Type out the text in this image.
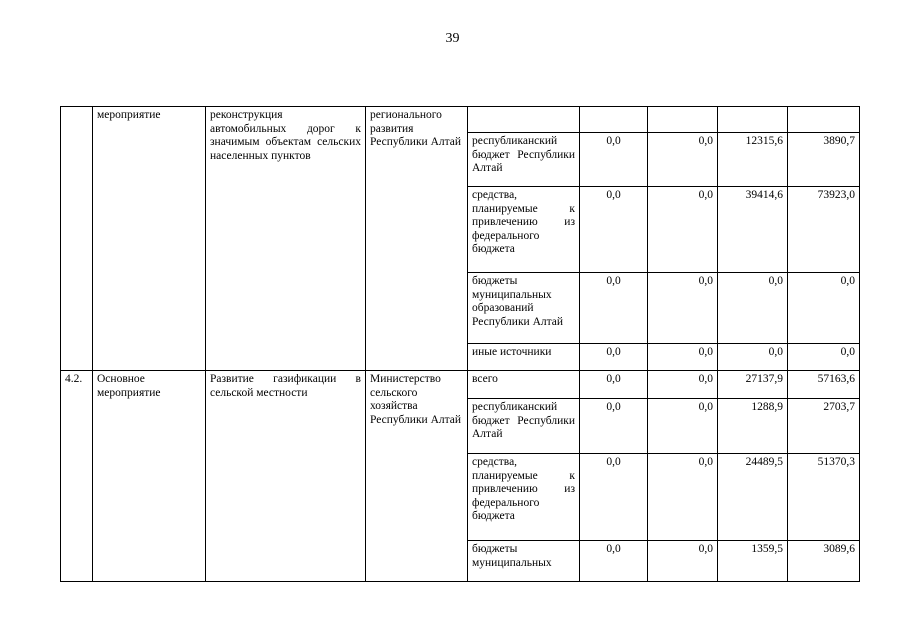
39
	мероприятие	реконструкция автомобильных дорог к значимым объектам сельских населенных пунктов	регионального развития Республики Алтай					
				республиканский бюджет Республики Алтай	0,0	0,0	12315,6	3890,7
				средства, планируемые к привлечению из федерального бюджета	0,0	0,0	39414,6	73923,0
				бюджеты муниципальных образований Республики Алтай	0,0	0,0	0,0	0,0
				иные источники	0,0	0,0	0,0	0,0
4.2.	Основное мероприятие	Развитие газификации в сельской местности	Министерство сельского хозяйства Республики Алтай	всего	0,0	0,0	27137,9	57163,6
				республиканский бюджет Республики Алтай	0,0	0,0	1288,9	2703,7
				средства, планируемые к привлечению из федерального бюджета	0,0	0,0	24489,5	51370,3
				бюджеты муниципальных	0,0	0,0	1359,5	3089,6
